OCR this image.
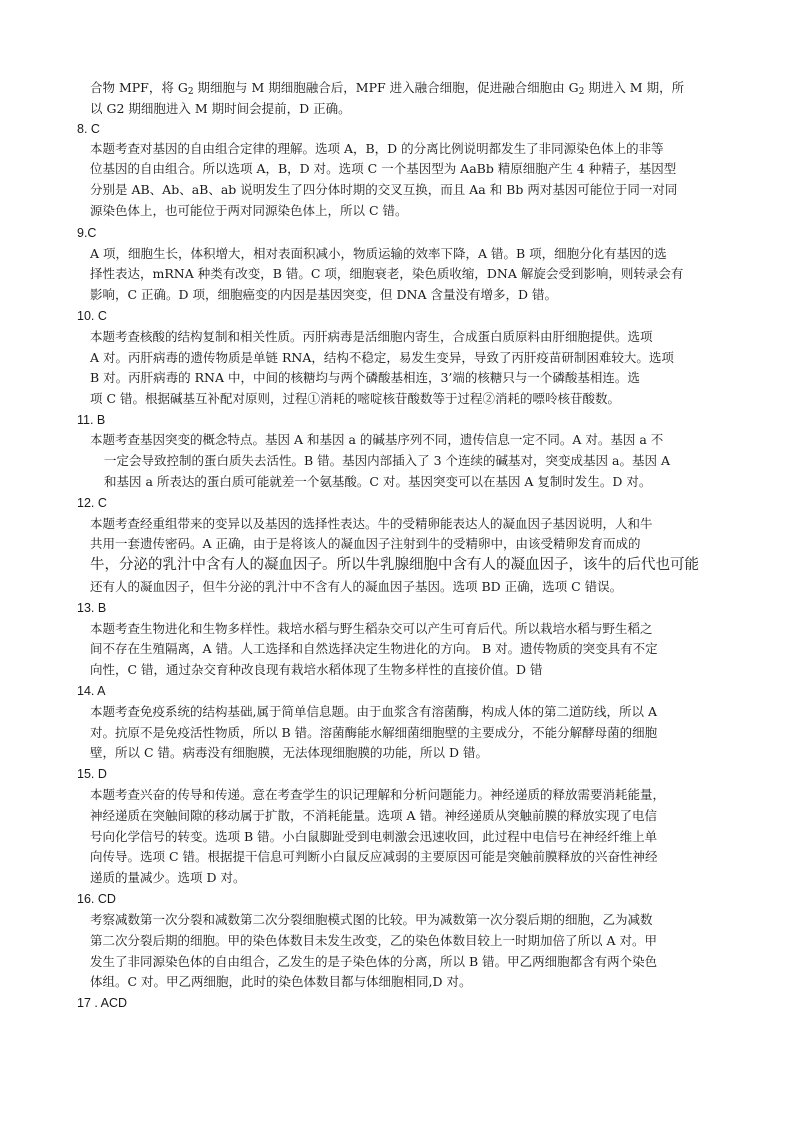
合物 MPF，将 $G_2$ 期细胞与 M 期细胞融合后，MPF 进入融合细胞，促进融合细胞由 $G_2$ 期进入 M 期，所
以 G2 期细胞进入 M 期时间会提前，D 正确。
8. C
本题考查对基因的自由组合定律的理解。选项 A，B，D 的分离比例说明都发生了非同源染色体上的非等
位基因的自由组合。所以选项 A，B，D 对。选项 C 一个基因型为 AaBb 精原细胞产生 4 种精子，基因型
分别是 AB、Ab、aB、ab 说明发生了四分体时期的交叉互换，而且 Aa 和 Bb 两对基因可能位于同一对同
源染色体上，也可能位于两对同源染色体上，所以 C 错。
9.C
A 项，细胞生长，体积增大，相对表面积减小，物质运输的效率下降，A 错。B 项，细胞分化有基因的选
择性表达，mRNA 种类有改变，B 错。C 项，细胞衰老，染色质收缩，DNA 解旋会受到影响，则转录会有
影响，C 正确。D 项，细胞癌变的内因是基因突变，但 DNA 含量没有增多，D 错。
10. C
本题考查核酸的结构复制和相关性质。丙肝病毒是活细胞内寄生，合成蛋白质原料由肝细胞提供。选项
A 对。丙肝病毒的遗传物质是单链 RNA，结构不稳定，易发生变异，导致了丙肝疫苗研制困难较大。选项
B 对。丙肝病毒的 RNA 中，中间的核糖均与两个磷酸基相连，3’端的核糖只与一个磷酸基相连。选
项 C 错。根据碱基互补配对原则，过程①消耗的嘧啶核苷酸数等于过程②消耗的嘌呤核苷酸数。
11. B
本题考查基因突变的概念特点。基因 A 和基因 a 的碱基序列不同，遗传信息一定不同。A 对。基因 a 不
一定会导致控制的蛋白质失去活性。B 错。基因内部插入了 3 个连续的碱基对，突变成基因 a。基因 A
和基因 a 所表达的蛋白质可能就差一个氨基酸。C 对。基因突变可以在基因 A 复制时发生。D 对。
12. C
本题考查经重组带来的变异以及基因的选择性表达。牛的受精卵能表达人的凝血因子基因说明，人和牛
共用一套遗传密码。A 正确，由于是将该人的凝血因子注射到牛的受精卵中，由该受精卵发育而成的
牛，分泌的乳汁中含有人的凝血因子。所以牛乳腺细胞中含有人的凝血因子，该牛的后代也可能
还有人的凝血因子，但牛分泌的乳汁中不含有人的凝血因子基因。选项 BD 正确，选项 C 错误。
13. B
本题考查生物进化和生物多样性。栽培水稻与野生稻杂交可以产生可育后代。所以栽培水稻与野生稻之
间不存在生殖隔离，A 错。人工选择和自然选择决定生物进化的方向。 B 对。遗传物质的突变具有不定
向性，C 错，通过杂交育种改良现有栽培水稻体现了生物多样性的直接价值。D 错
14. A
本题考查免疫系统的结构基础,属于简单信息题。由于血浆含有溶菌酶，构成人体的第二道防线，所以 A
对。抗原不是免疫活性物质，所以 B 错。溶菌酶能水解细菌细胞壁的主要成分，不能分解酵母菌的细胞
壁，所以 C 错。病毒没有细胞膜，无法体现细胞膜的功能，所以 D 错。
15. D
本题考查兴奋的传导和传递。意在考查学生的识记理解和分析问题能力。神经递质的释放需要消耗能量，
神经递质在突触间隙的移动属于扩散，不消耗能量。选项 A 错。神经递质从突触前膜的释放实现了电信
号向化学信号的转变。选项 B 错。小白鼠脚趾受到电刺激会迅速收回，此过程中电信号在神经纤维上单
向传导。选项 C 错。根据提干信息可判断小白鼠反应减弱的主要原因可能是突触前膜释放的兴奋性神经
递质的量减少。选项 D 对。
16. CD
考察减数第一次分裂和减数第二次分裂细胞模式图的比较。甲为减数第一次分裂后期的细胞，乙为减数
第二次分裂后期的细胞。甲的染色体数目未发生改变，乙的染色体数目较上一时期加倍了所以 A 对。甲
发生了非同源染色体的自由组合，乙发生的是子染色体的分离，所以 B 错。甲乙两细胞都含有两个染色
体组。C 对。甲乙两细胞，此时的染色体数目都与体细胞相同,D 对。
17 . ACD
